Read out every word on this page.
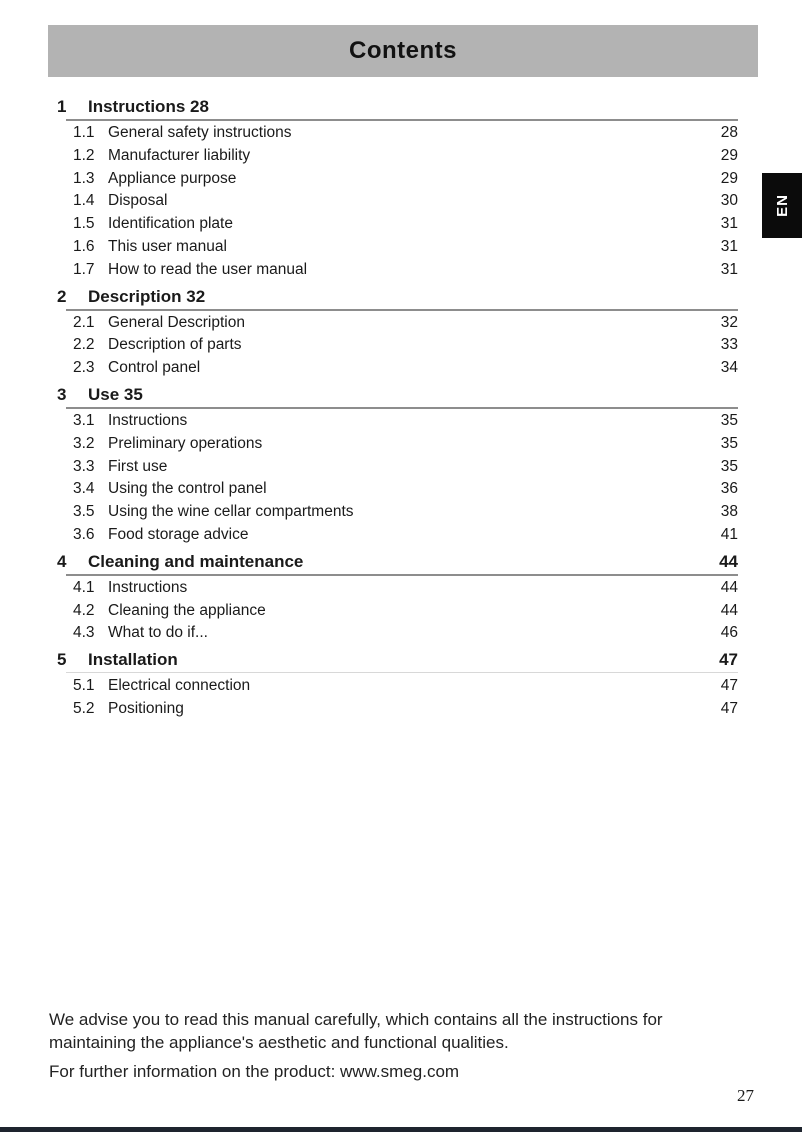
Contents
EN
1	Instructions 28
1.1 General safety instructions	28
1.2 Manufacturer liability	29
1.3 Appliance purpose	29
1.4 Disposal	30
1.5 Identification plate	31
1.6 This user manual	31
1.7 How to read the user manual	31
2	Description 32
2.1 General Description	32
2.2 Description of parts	33
2.3 Control panel	34
3	Use 35
3.1 Instructions	35
3.2 Preliminary operations	35
3.3 First use	35
3.4 Using the control panel	36
3.5 Using the wine cellar compartments	38
3.6 Food storage advice	41
4	Cleaning and maintenance	44
4.1 Instructions	44
4.2 Cleaning the appliance	44
4.3 What to do if...	46
5	Installation	47
5.1 Electrical connection	47
5.2 Positioning	47

We advise you to read this manual carefully, which contains all the instructions for

maintaining the appliance's aesthetic and functional qualities.

For further information on the product: www.smeg.com

27
